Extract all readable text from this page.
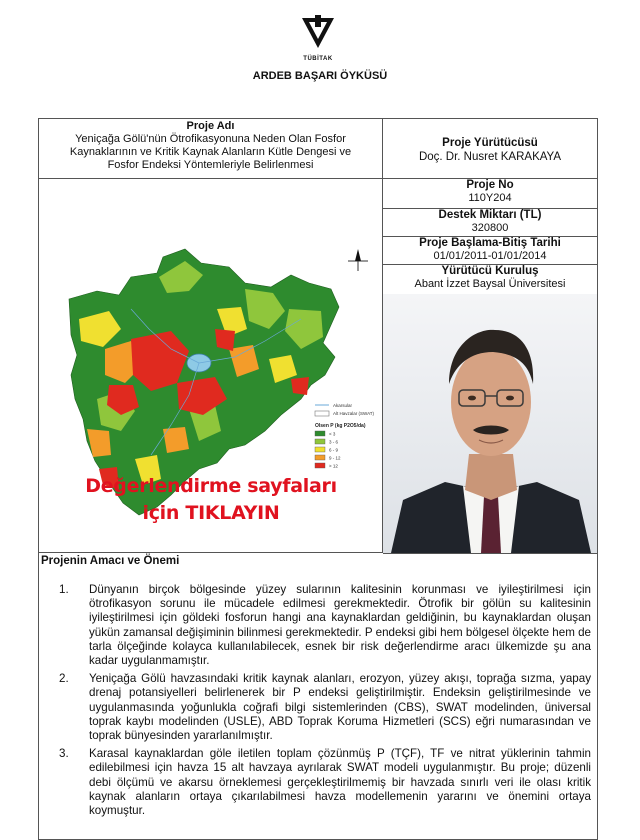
TÜBİTAK
ARDEB BAŞARI ÖYKÜSÜ
Proje Adı
Yeniçağa Gölü'nün Ötrofikasyonuna Neden Olan Fosfor
Kaynaklarının ve Kritik Kaynak Alanların Kütle Dengesi ve
Fosfor Endeksi Yöntemleriyle Belirlenmesi
Proje Yürütücüsü
Doç. Dr. Nusret KARAKAYA
Proje No
110Y204
Destek Miktarı (TL)
320800
Proje Başlama-Bitiş Tarihi
01/01/2011-01/01/2014
Yürütücü Kuruluş
Abant İzzet Baysal Üniversitesi
Akarsular
Alt Havzalar (SWAT)
Olsen P (kg P2O5/da)
< 3
3 - 6
6 - 9
9 - 12
> 12
Değerlendirme sayfaları
için TIKLAYIN
Projenin Amacı ve Önemi
1. Dünyanın birçok bölgesinde yüzey sularının kalitesinin korunması ve iyileştirilmesi için ötrofikasyon sorunu ile mücadele edilmesi gerekmektedir. Ötrofik bir gölün su kalitesinin iyileştirilmesi için göldeki fosforun hangi ana kaynaklardan geldiğinin, bu kaynaklardan oluşan yükün zamansal değişiminin bilinmesi gerekmektedir. P endeksi gibi hem bölgesel ölçekte hem de tarla ölçeğinde kolayca kullanılabilecek, esnek bir risk değerlendirme aracı ülkemizde şu ana kadar uygulanmamıştır.
2. Yeniçağa Gölü havzasındaki kritik kaynak alanları, erozyon, yüzey akışı, toprağa sızma, yapay drenaj potansiyelleri belirlenerek bir P endeksi geliştirilmiştir. Endeksin geliştirilmesinde ve uygulanmasında yoğunlukla coğrafi bilgi sistemlerinden (CBS), SWAT modelinden, üniversal toprak kaybı modelinden (USLE), ABD Toprak Koruma Hizmetleri (SCS) eğri numarasından ve toprak bünyesinden yararlanılmıştır.
3. Karasal kaynaklardan göle iletilen toplam çözünmüş P (TÇF), TF ve nitrat yüklerinin tahmin edilebilmesi için havza 15 alt havzaya ayrılarak SWAT modeli uygulanmıştır. Bu proje; düzenli debi ölçümü ve akarsu örneklemesi gerçekleştirilmemiş bir havzada sınırlı veri ile olası kritik kaynak alanların ortaya çıkarılabilmesi havza modellemenin yararını ve önemini ortaya koymuştur.
